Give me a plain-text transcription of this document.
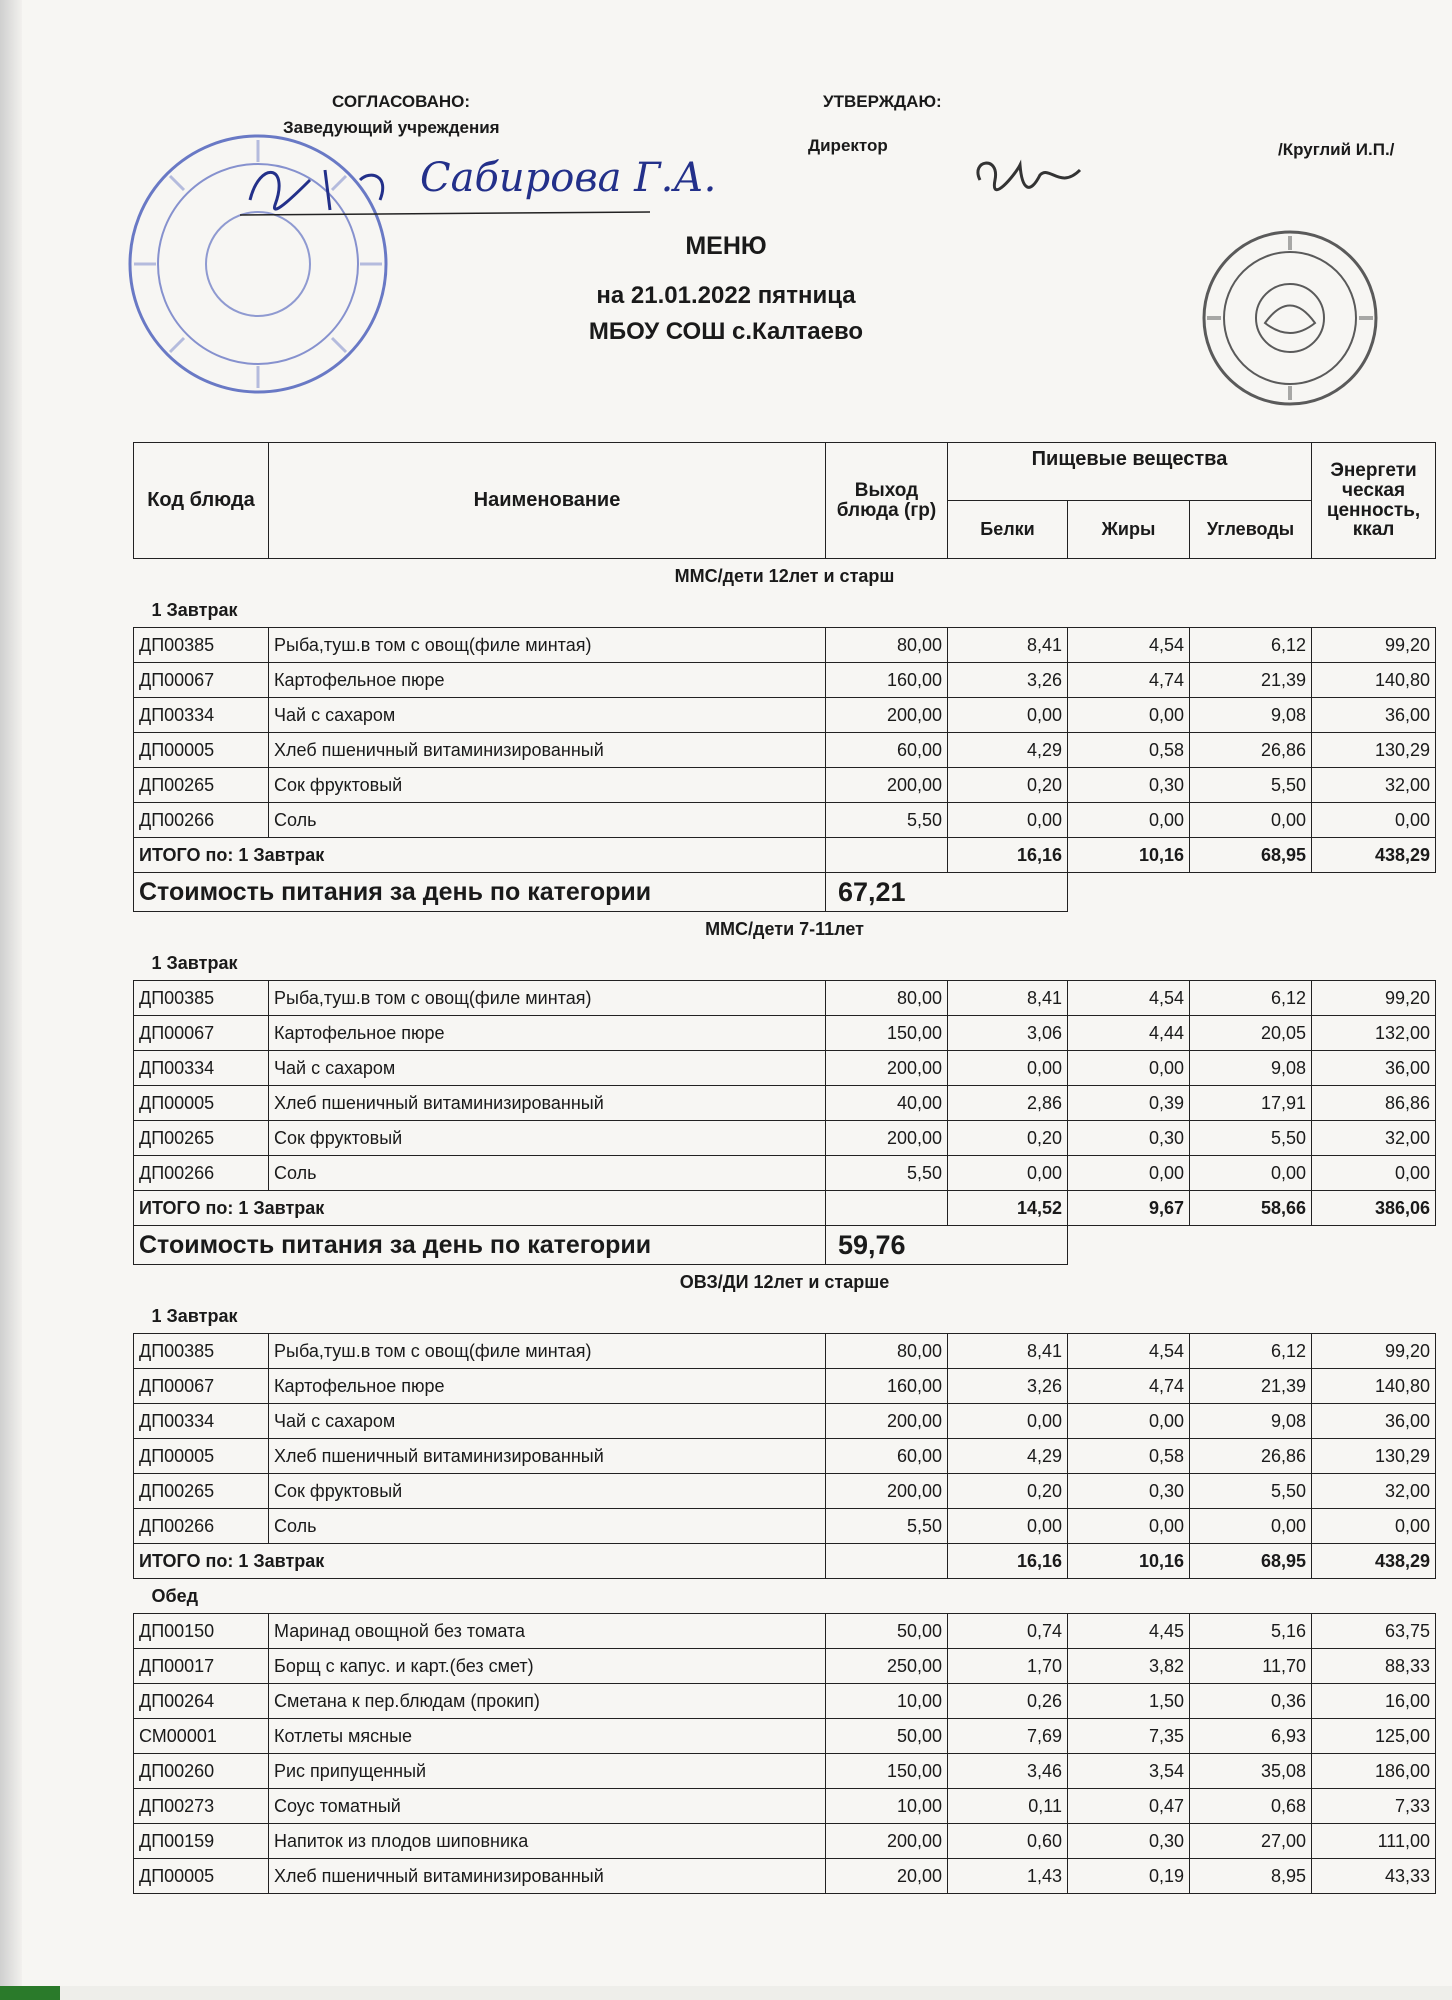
Сабирова Г.А.
СОГЛАСОВАНО:
Заведующий учреждения
УТВЕРЖДАЮ:
Директор	/Круглий И.П./
МЕНЮ
на 21.01.2022 пятница
МБОУ СОШ с.Калтаево
Код блюда	Наименование	Выход блюда (гр)	Пищевые вещества			Энергети ческая ценность, ккал
			Белки	Жиры	Углеводы	
ММС/дети 12лет и старш						
1 Завтрак						
ДП00385	Рыба,туш.в том с овощ(филе минтая)	80,00	8,41	4,54	6,12	99,20
ДП00067	Картофельное пюре	160,00	3,26	4,74	21,39	140,80
ДП00334	Чай с сахаром	200,00	0,00	0,00	9,08	36,00
ДП00005	Хлеб пшеничный витаминизированный	60,00	4,29	0,58	26,86	130,29
ДП00265	Сок фруктовый	200,00	0,20	0,30	5,50	32,00
ДП00266	Соль	5,50	0,00	0,00	0,00	0,00
ИТОГО по: 1 Завтрак			16,16	10,16	68,95	438,29
Стоимость питания за день по категории		67,21				
ММС/дети 7-11лет						
1 Завтрак						
ДП00385	Рыба,туш.в том с овощ(филе минтая)	80,00	8,41	4,54	6,12	99,20
ДП00067	Картофельное пюре	150,00	3,06	4,44	20,05	132,00
ДП00334	Чай с сахаром	200,00	0,00	0,00	9,08	36,00
ДП00005	Хлеб пшеничный витаминизированный	40,00	2,86	0,39	17,91	86,86
ДП00265	Сок фруктовый	200,00	0,20	0,30	5,50	32,00
ДП00266	Соль	5,50	0,00	0,00	0,00	0,00
ИТОГО по: 1 Завтрак			14,52	9,67	58,66	386,06
Стоимость питания за день по категории		59,76				
ОВЗ/ДИ 12лет и старше						
1 Завтрак						
ДП00385	Рыба,туш.в том с овощ(филе минтая)	80,00	8,41	4,54	6,12	99,20
ДП00067	Картофельное пюре	160,00	3,26	4,74	21,39	140,80
ДП00334	Чай с сахаром	200,00	0,00	0,00	9,08	36,00
ДП00005	Хлеб пшеничный витаминизированный	60,00	4,29	0,58	26,86	130,29
ДП00265	Сок фруктовый	200,00	0,20	0,30	5,50	32,00
ДП00266	Соль	5,50	0,00	0,00	0,00	0,00
ИТОГО по: 1 Завтрак			16,16	10,16	68,95	438,29
Обед						
ДП00150	Маринад овощной без томата	50,00	0,74	4,45	5,16	63,75
ДП00017	Борщ с капус. и карт.(без смет)	250,00	1,70	3,82	11,70	88,33
ДП00264	Сметана к пер.блюдам (прокип)	10,00	0,26	1,50	0,36	16,00
СМ00001	Котлеты мясные	50,00	7,69	7,35	6,93	125,00
ДП00260	Рис припущенный	150,00	3,46	3,54	35,08	186,00
ДП00273	Соус томатный	10,00	0,11	0,47	0,68	7,33
ДП00159	Напиток из плодов шиповника	200,00	0,60	0,30	27,00	111,00
ДП00005	Хлеб пшеничный витаминизированный	20,00	1,43	0,19	8,95	43,33
